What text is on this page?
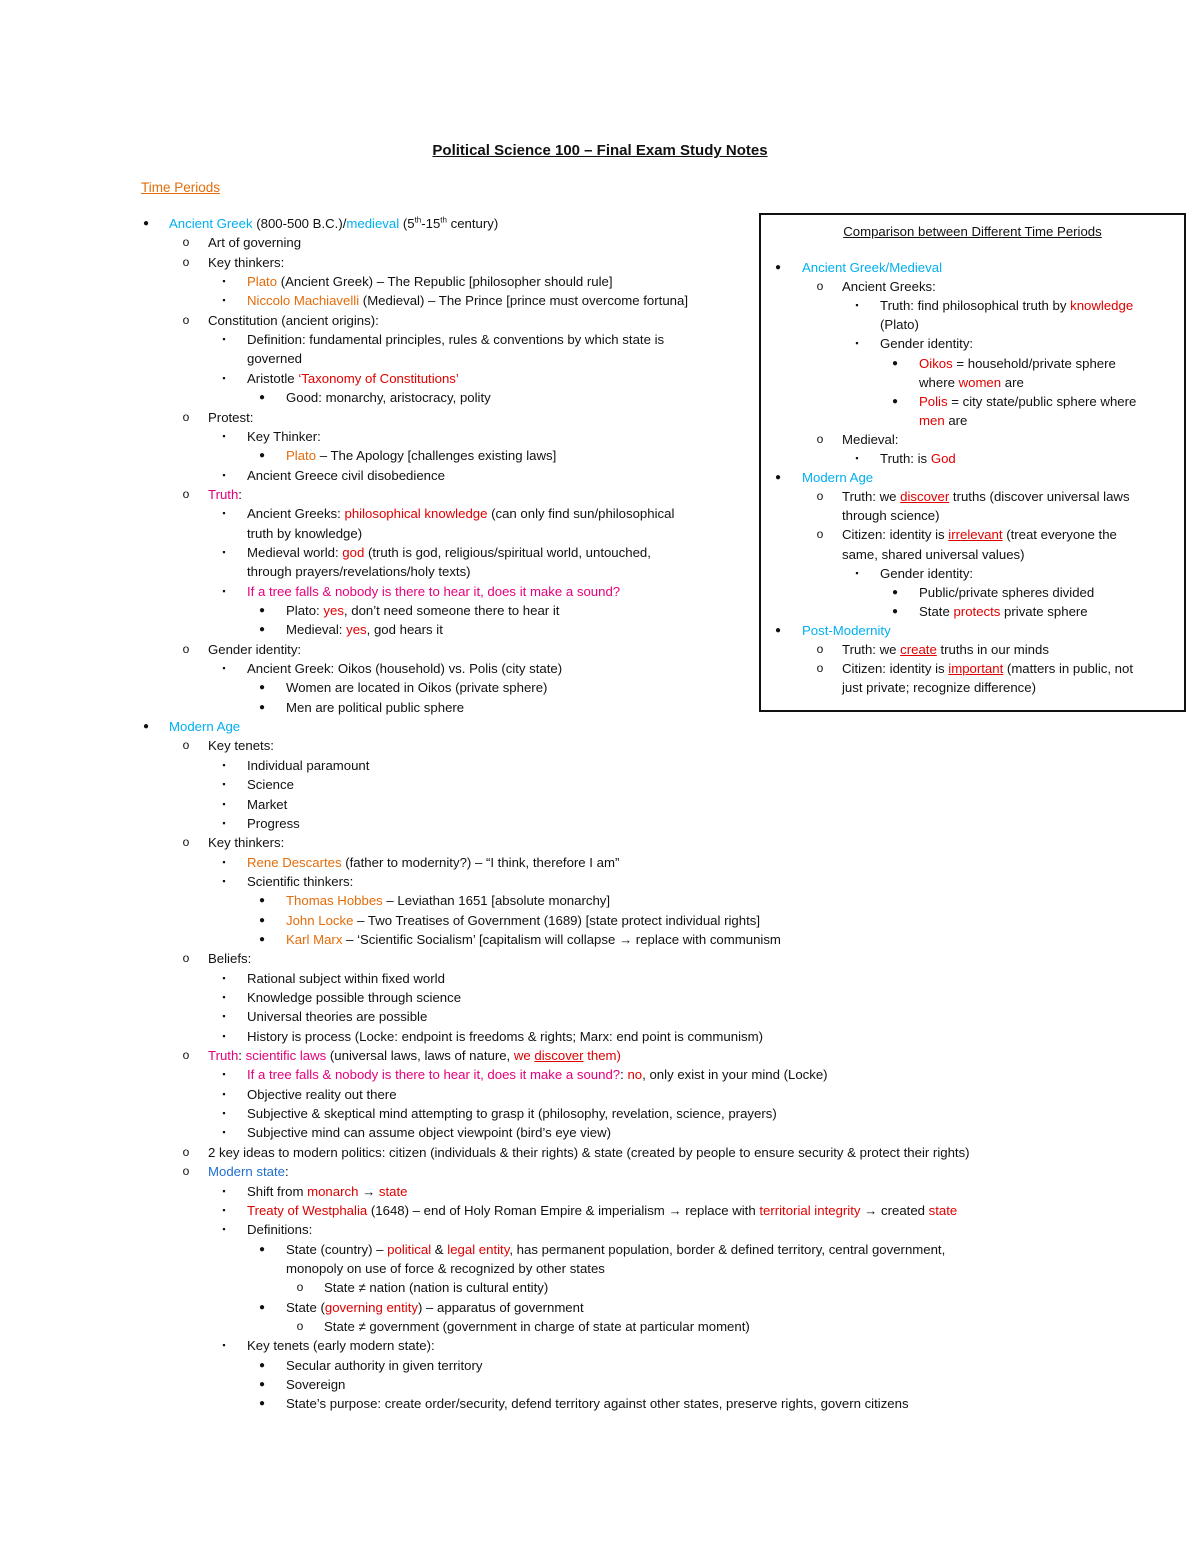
Political Science 100 – Final Exam Study Notes
Time Periods
●	Ancient Greek (800-500 B.C.)/medieval (5th-15th century)
o Art of governing
o Key thinkers:
▪	Plato (Ancient Greek) – The Republic [philosopher should rule]
▪	Niccolo Machiavelli (Medieval) – The Prince [prince must overcome fortuna]
o Constitution (ancient origins):
▪	Definition: fundamental principles, rules & conventions by which state is
governed
▪	Aristotle ‘Taxonomy of Constitutions’
●	Good: monarchy, aristocracy, polity
o Protest:
▪	Key Thinker:
●	Plato – The Apology [challenges existing laws]
▪	Ancient Greece civil disobedience
o Truth:
▪	Ancient Greeks: philosophical knowledge (can only find sun/philosophical
truth by knowledge)
▪	Medieval world: god (truth is god, religious/spiritual world, untouched,
through prayers/revelations/holy texts)
▪	If a tree falls & nobody is there to hear it, does it make a sound?
●	Plato: yes, don’t need someone there to hear it
●	Medieval: yes, god hears it
o Gender identity:
▪	Ancient Greek: Oikos (household) vs. Polis (city state)
●	Women are located in Oikos (private sphere)
●	Men are political public sphere
●	Modern Age
o Key tenets:
▪	Individual paramount
▪	Science
▪	Market
▪	Progress
o Key thinkers:
▪	Rene Descartes (father to modernity?) – “I think, therefore I am”
▪	Scientific thinkers:
●	Thomas Hobbes – Leviathan 1651 [absolute monarchy]
●	John Locke – Two Treatises of Government (1689) [state protect individual rights]
●	Karl Marx – ‘Scientific Socialism’ [capitalism will collapse → replace with communism
o Beliefs:
▪	Rational subject within fixed world
▪	Knowledge possible through science
▪	Universal theories are possible
▪	History is process (Locke: endpoint is freedoms & rights; Marx: end point is communism)
o Truth: scientific laws (universal laws, laws of nature, we discover them)
▪	If a tree falls & nobody is there to hear it, does it make a sound?: no, only exist in your mind (Locke)
▪	Objective reality out there
▪	Subjective & skeptical mind attempting to grasp it (philosophy, revelation, science, prayers)
▪	Subjective mind can assume object viewpoint (bird’s eye view)
o 2 key ideas to modern politics: citizen (individuals & their rights) & state (created by people to ensure security & protect their rights)
o Modern state:
▪	Shift from monarch → state
▪	Treaty of Westphalia (1648) – end of Holy Roman Empire & imperialism → replace with territorial integrity → created state
▪	Definitions:
●	State (country) – political & legal entity, has permanent population, border & defined territory, central government,
monopoly on use of force & recognized by other states
o State ≠ nation (nation is cultural entity)
●	State (governing entity) – apparatus of government
o State ≠ government (government in charge of state at particular moment)
▪	Key tenets (early modern state):
●	Secular authority in given territory
●	Sovereign
●	State’s purpose: create order/security, defend territory against other states, preserve rights, govern citizens
Comparison between Different Time Periods
●	Ancient Greek/Medieval
o Ancient Greeks:
▪	Truth: find philosophical truth by knowledge
(Plato)
▪	Gender identity:
●	Oikos = household/private sphere
where women are
●	Polis = city state/public sphere where
men are
o Medieval:
▪	Truth: is God
●	Modern Age
o Truth: we discover truths (discover universal laws
through science)
o Citizen: identity is irrelevant (treat everyone the
same, shared universal values)
▪	Gender identity:
●	Public/private spheres divided
●	State protects private sphere
●	Post-Modernity
o Truth: we create truths in our minds
o Citizen: identity is important (matters in public, not
just private; recognize difference)
